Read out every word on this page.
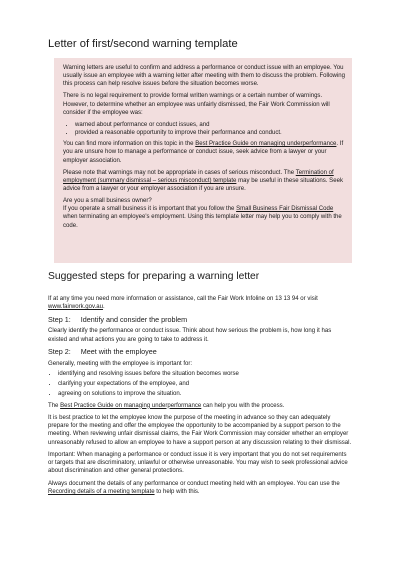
Letter of first/second warning template

Warning letters are useful to confirm and address a performance or conduct issue with an employee. You usually issue an employee with a warning letter after meeting with them to discuss the problem. Following this process can help resolve issues before the situation becomes worse.

There is no legal requirement to provide formal written warnings or a certain number of warnings. However, to determine whether an employee was unfairly dismissed, the Fair Work Commission will consider if the employee was:

• warned about performance or conduct issues, and
• provided a reasonable opportunity to improve their performance and conduct.

You can find more information on this topic in the Best Practice Guide on managing underperformance. If you are unsure how to manage a performance or conduct issue, seek advice from a lawyer or your employer association.

Please note that warnings may not be appropriate in cases of serious misconduct. The Termination of employment (summary dismissal – serious misconduct) template may be useful in these situations. Seek advice from a lawyer or your employer association if you are unsure.

Are you a small business owner?
If you operate a small business it is important that you follow the Small Business Fair Dismissal Code when terminating an employee's employment. Using this template letter may help you to comply with the code.

Suggested steps for preparing a warning letter

If at any time you need more information or assistance, call the Fair Work Infoline on 13 13 94 or visit www.fairwork.gov.au.

Step 1: Identify and consider the problem

Clearly identify the performance or conduct issue. Think about how serious the problem is, how long it has existed and what actions you are going to take to address it.

Step 2: Meet with the employee

Generally, meeting with the employee is important for:

• identifying and resolving issues before the situation becomes worse
• clarifying your expectations of the employee, and
• agreeing on solutions to improve the situation.

The Best Practice Guide on managing underperformance can help you with the process.

It is best practice to let the employee know the purpose of the meeting in advance so they can adequately prepare for the meeting and offer the employee the opportunity to be accompanied by a support person to the meeting. When reviewing unfair dismissal claims, the Fair Work Commission may consider whether an employer unreasonably refused to allow an employee to have a support person at any discussion relating to their dismissal.

Important: When managing a performance or conduct issue it is very important that you do not set requirements or targets that are discriminatory, unlawful or otherwise unreasonable. You may wish to seek professional advice about discrimination and other general protections.

Always document the details of any performance or conduct meeting held with an employee. You can use the Recording details of a meeting template to help with this.
